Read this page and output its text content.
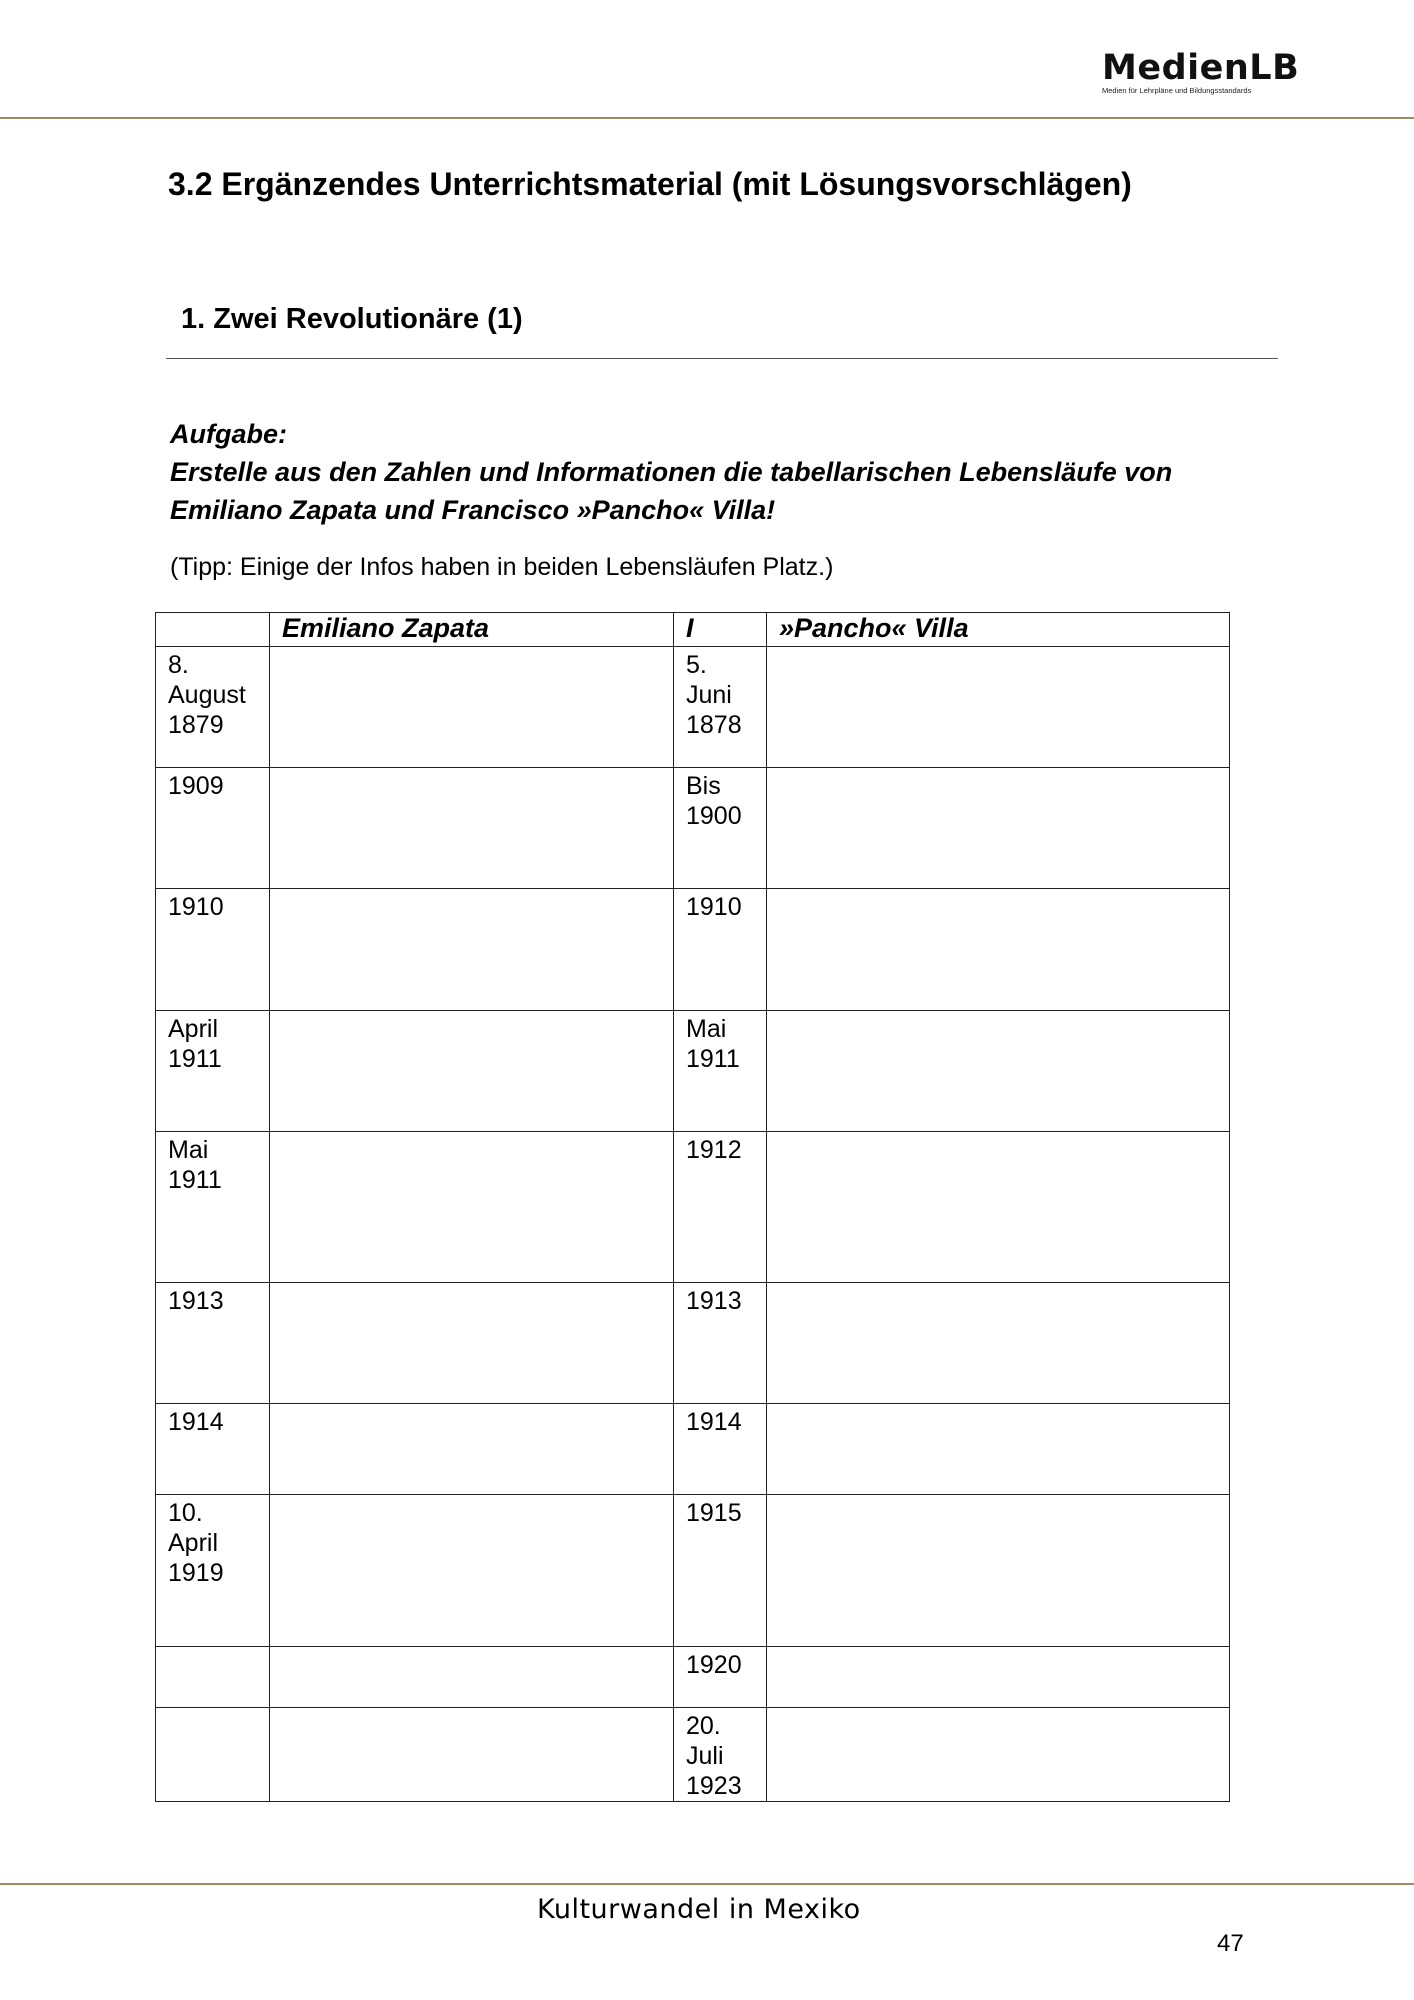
MedienLB
Medien für Lehrpläne und Bildungsstandards
3.2 Ergänzendes Unterrichtsmaterial (mit Lösungsvorschlägen)
1. Zwei Revolutionäre (1)
Aufgabe:
Erstelle aus den Zahlen und Informationen die tabellarischen Lebensläufe von Emiliano Zapata und Francisco »Pancho« Villa!
(Tipp: Einige der Infos haben in beiden Lebensläufen Platz.)
	Emiliano Zapata	I	»Pancho« Villa
8. August 1879		5. Juni 1878	
1909		Bis 1900	
1910		1910	
April 1911		Mai 1911	
Mai 1911		1912	
1913		1913	
1914		1914	
10. April 1919		1915	
		1920	
		20. Juli 1923	
Kulturwandel in Mexiko
47
